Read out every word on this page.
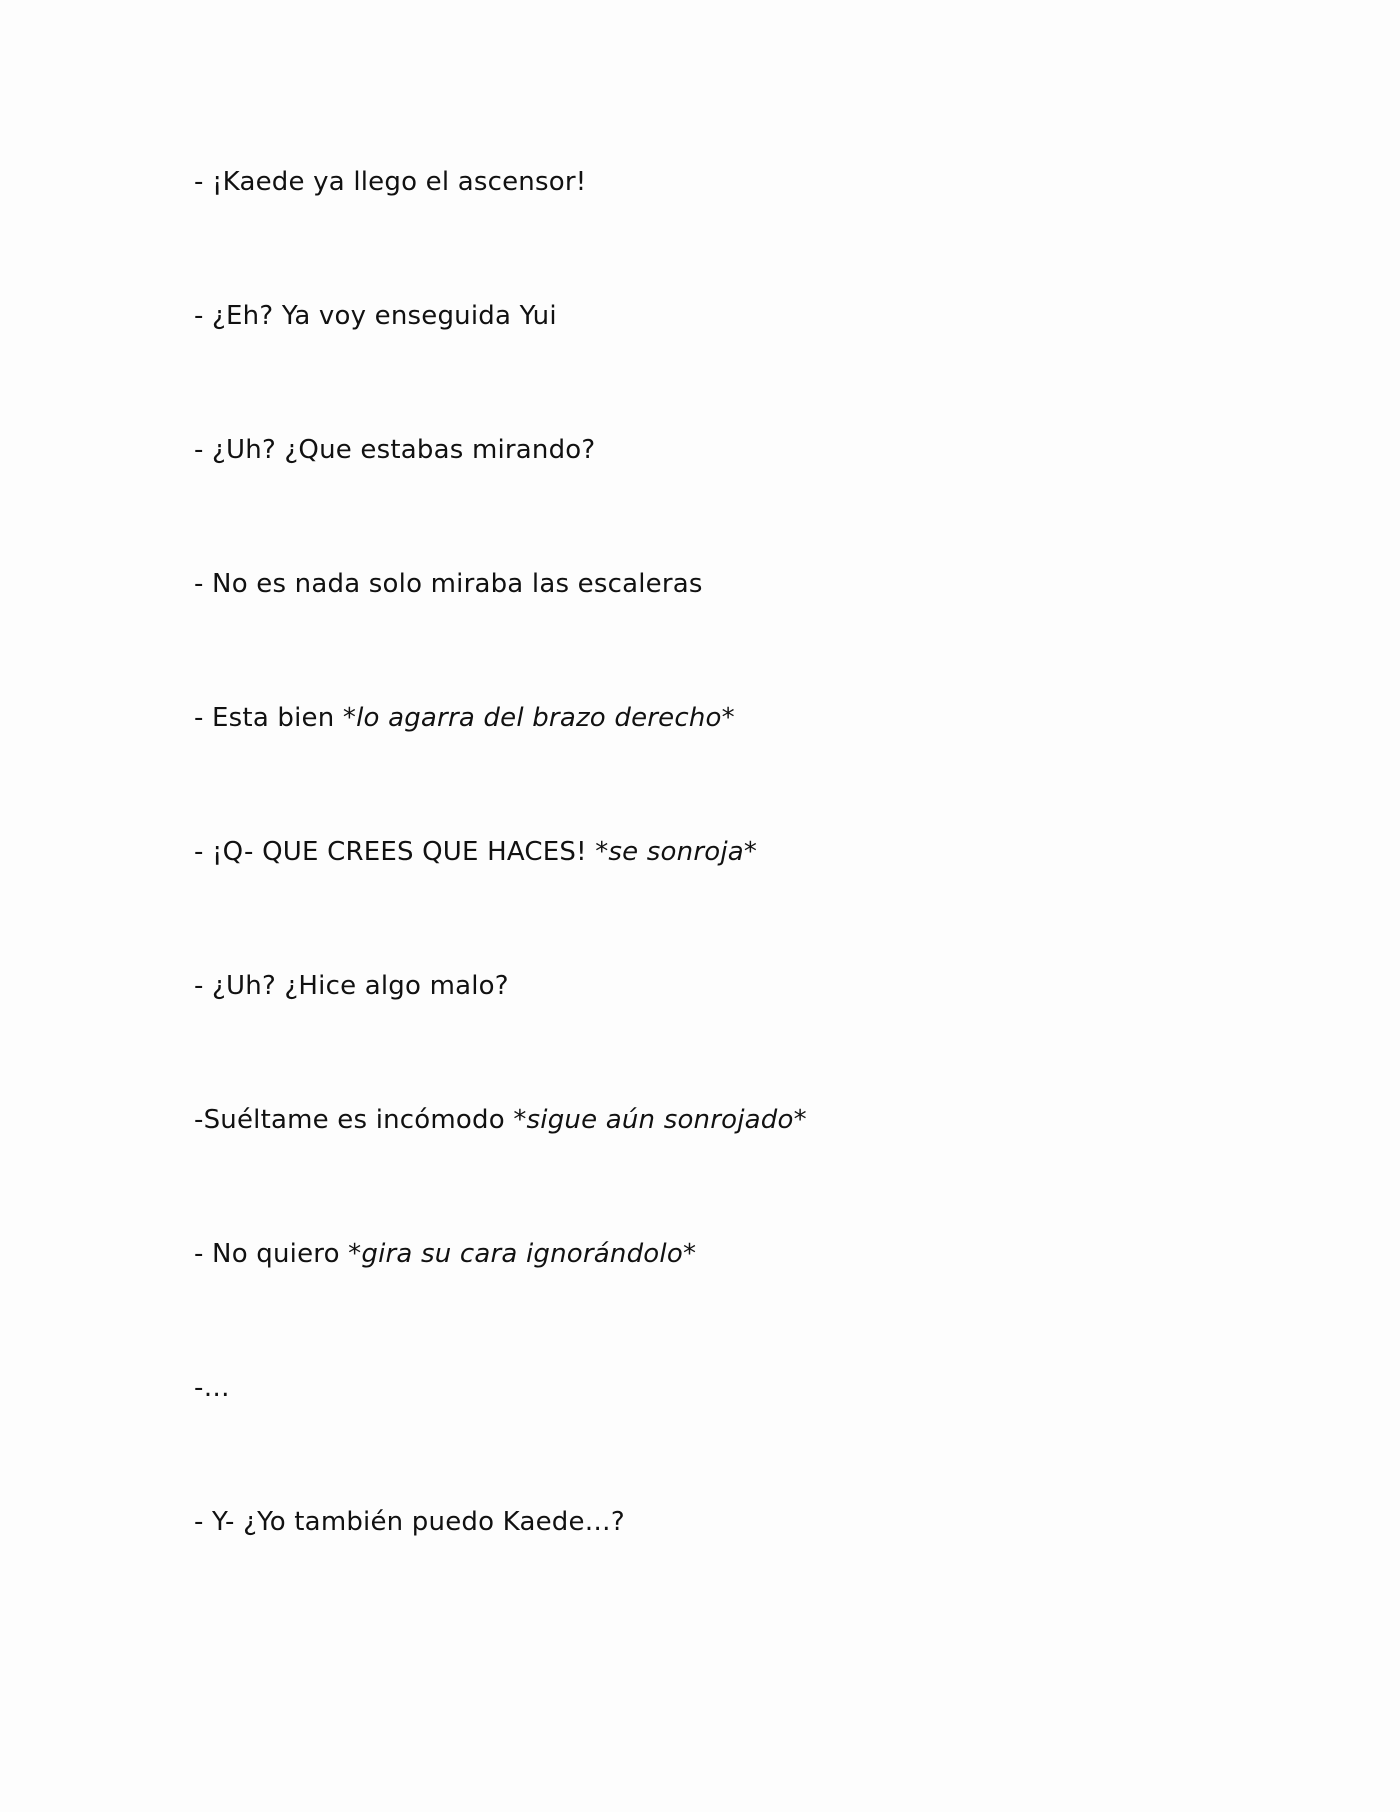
- ¡Kaede ya llego el ascensor!
- ¿Eh? Ya voy enseguida Yui
- ¿Uh? ¿Que estabas mirando?
- No es nada solo miraba las escaleras
- Esta bien *lo agarra del brazo derecho*
- ¡Q- QUE CREES QUE HACES! *se sonroja*
- ¿Uh? ¿Hice algo malo?
-Suéltame es incómodo *sigue aún sonrojado*
- No quiero *gira su cara ignorándolo*
-…
- Y- ¿Yo también puedo Kaede…?
